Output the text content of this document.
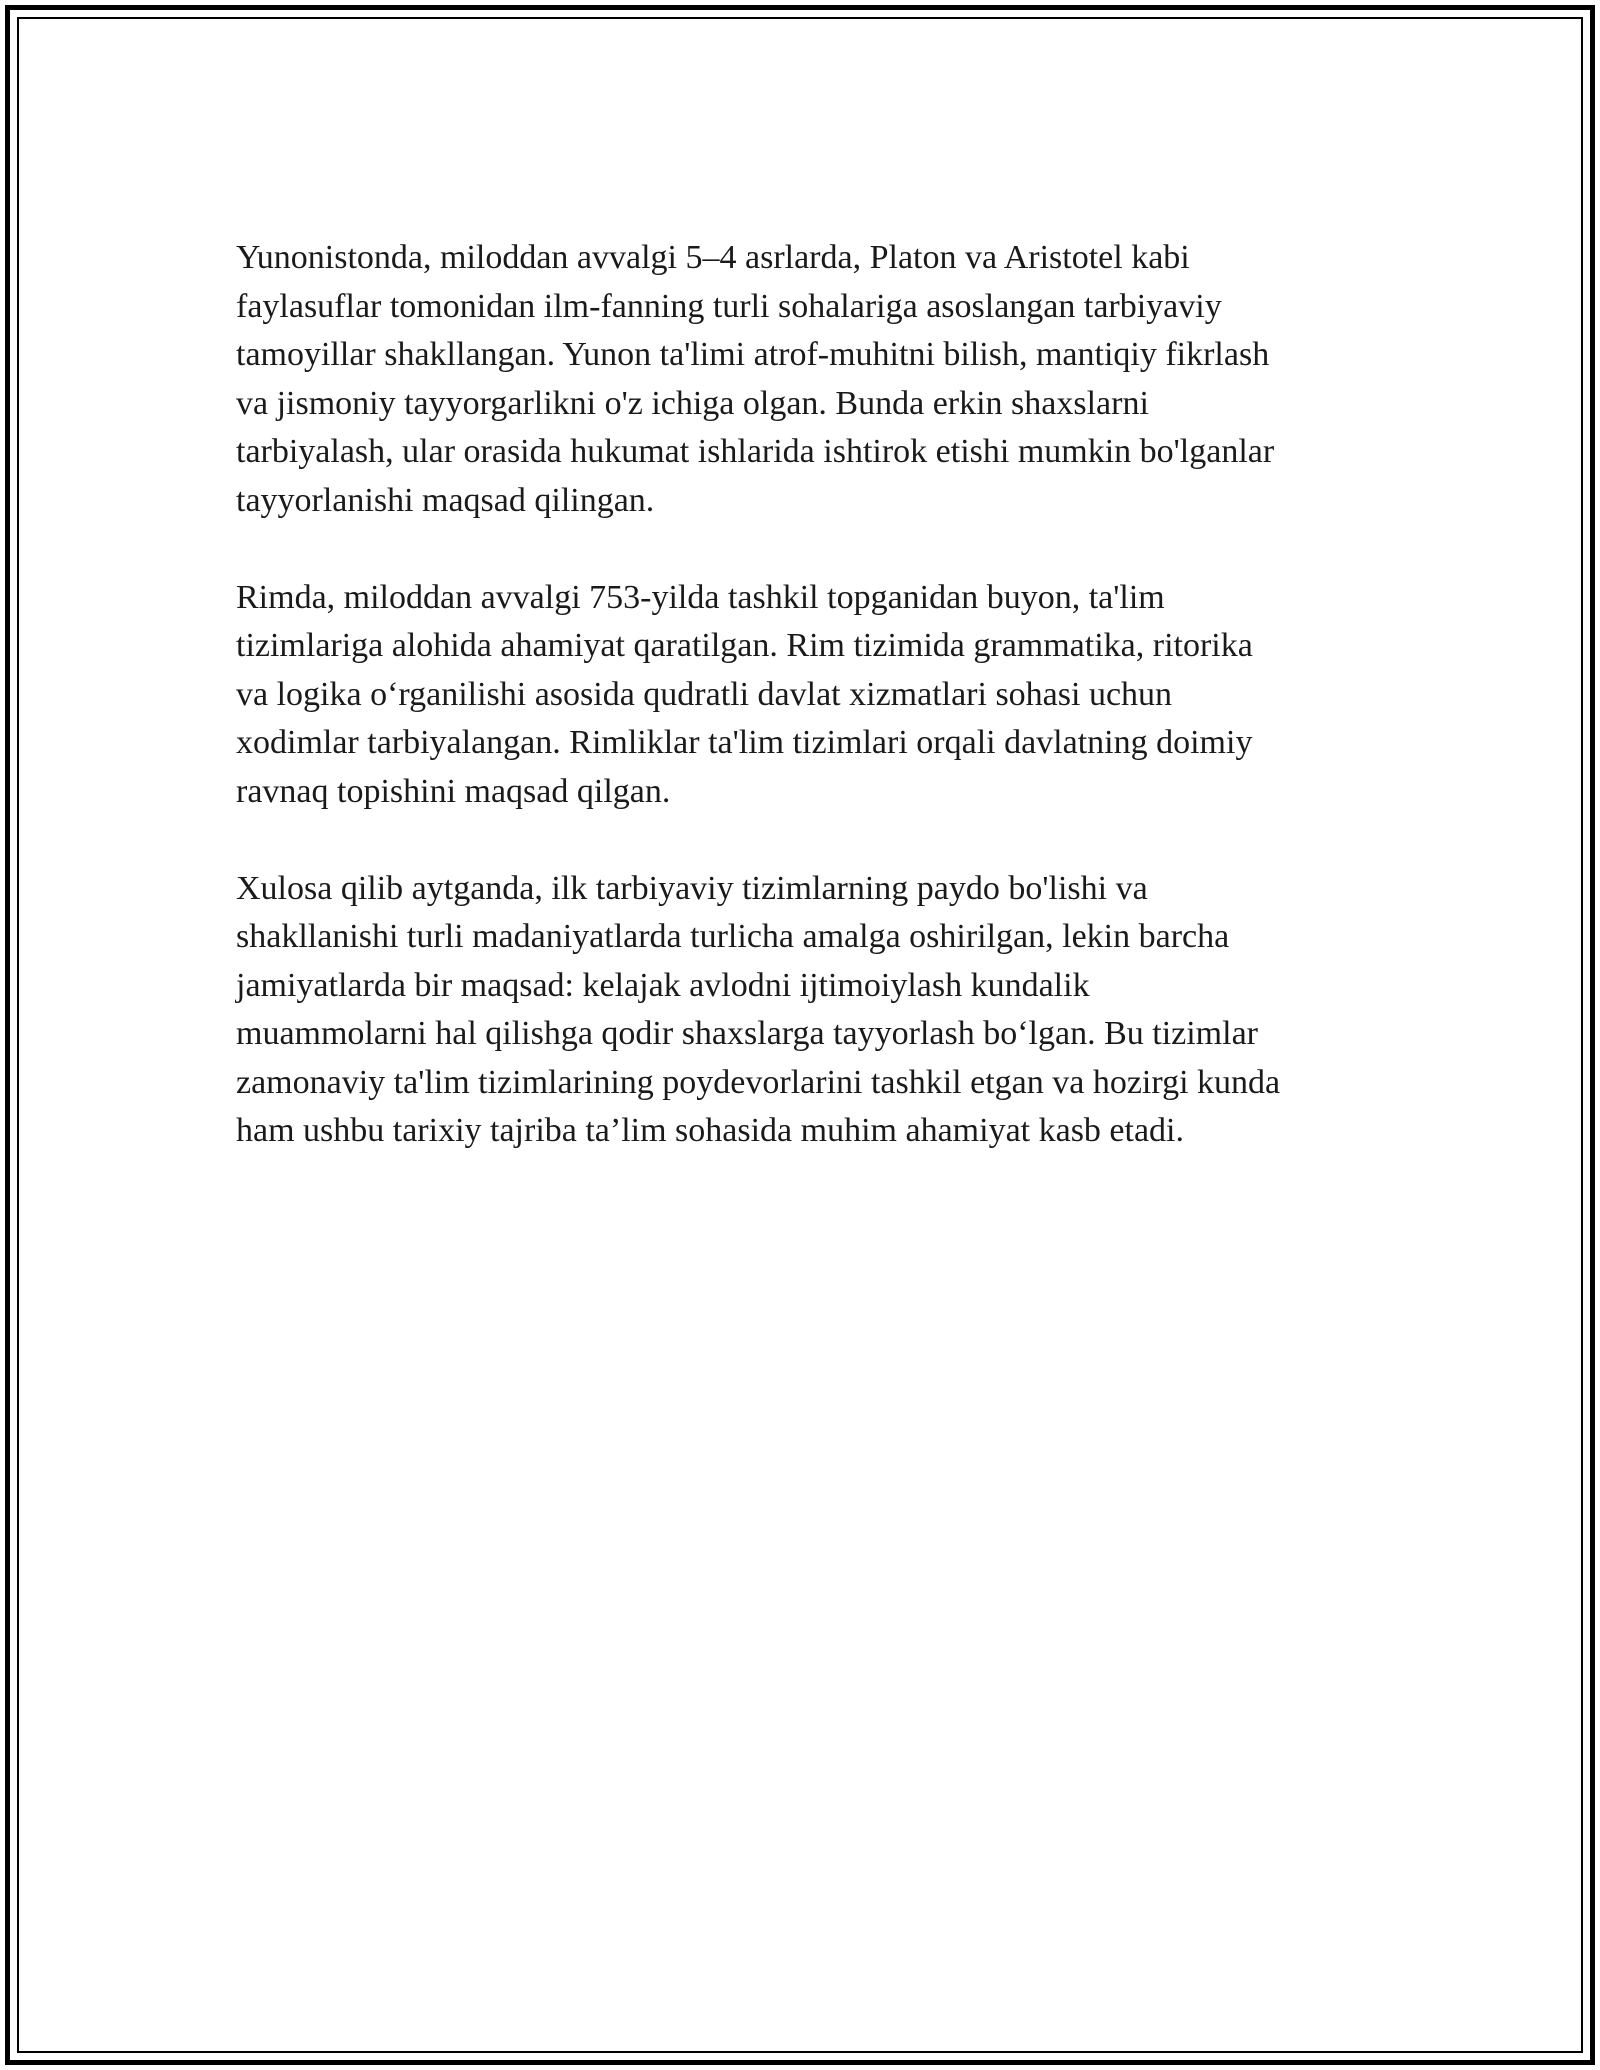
Yunonistonda, miloddan avvalgi 5–4 asrlarda, Platon va Aristotel kabi
faylasuflar tomonidan ilm-fanning turli sohalariga asoslangan tarbiyaviy
tamoyillar shakllangan. Yunon ta'limi atrof-muhitni bilish, mantiqiy fikrlash
va jismoniy tayyorgarlikni o'z ichiga olgan. Bunda erkin shaxslarni
tarbiyalash, ular orasida hukumat ishlarida ishtirok etishi mumkin bo'lganlar
tayyorlanishi maqsad qilingan.

Rimda, miloddan avvalgi 753-yilda tashkil topganidan buyon, ta'lim
tizimlariga alohida ahamiyat qaratilgan. Rim tizimida grammatika, ritorika
va logika o‘rganilishi asosida qudratli davlat xizmatlari sohasi uchun
xodimlar tarbiyalangan. Rimliklar ta'lim tizimlari orqali davlatning doimiy
ravnaq topishini maqsad qilgan.

Xulosa qilib aytganda, ilk tarbiyaviy tizimlarning paydo bo'lishi va
shakllanishi turli madaniyatlarda turlicha amalga oshirilgan, lekin barcha
jamiyatlarda bir maqsad: kelajak avlodni ijtimoiylash kundalik
muammolarni hal qilishga qodir shaxslarga tayyorlash bo‘lgan. Bu tizimlar
zamonaviy ta'lim tizimlarining poydevorlarini tashkil etgan va hozirgi kunda
ham ushbu tarixiy tajriba ta’lim sohasida muhim ahamiyat kasb etadi.
